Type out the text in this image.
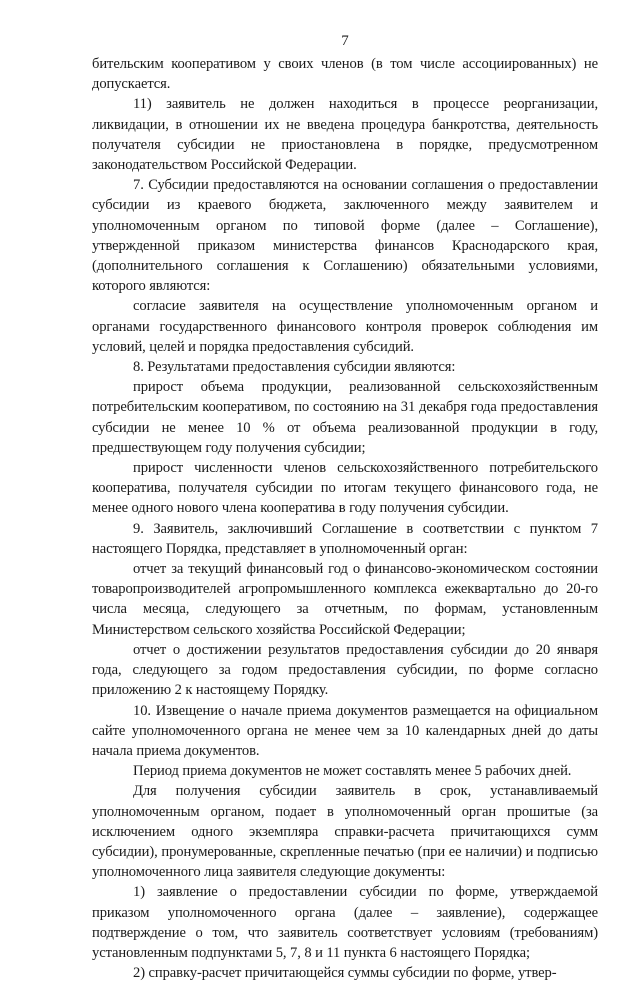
7

бительским кооперативом у своих членов (в том числе ассоциированных) не допускается.

11) заявитель не должен находиться в процессе реорганизации, ликвидации, в отношении их не введена процедура банкротства, деятельность получателя субсидии не приостановлена в порядке, предусмотренном законодательством Российской Федерации.

7. Субсидии предоставляются на основании соглашения о предоставлении субсидии из краевого бюджета, заключенного между заявителем и уполномоченным органом по типовой форме (далее – Соглашение), утвержденной приказом министерства финансов Краснодарского края, (дополнительного соглашения к Соглашению) обязательными условиями, которого являются:

согласие заявителя на осуществление уполномоченным органом и органами государственного финансового контроля проверок соблюдения им условий, целей и порядка предоставления субсидий.

8. Результатами предоставления субсидии являются:

прирост объема продукции, реализованной сельскохозяйственным потребительским кооперативом, по состоянию на 31 декабря года предоставления субсидии не менее 10 % от объема реализованной продукции в году, предшествующем году получения субсидии;

прирост численности членов сельскохозяйственного потребительского кооператива, получателя субсидии по итогам текущего финансового года, не менее одного нового члена кооператива в году получения субсидии.

9. Заявитель, заключивший Соглашение в соответствии с пунктом 7 настоящего Порядка, представляет в уполномоченный орган:

отчет за текущий финансовый год о финансово-экономическом состоянии товаропроизводителей агропромышленного комплекса ежеквартально до 20-го числа месяца, следующего за отчетным, по формам, установленным Министерством сельского хозяйства Российской Федерации;

отчет о достижении результатов предоставления субсидии до 20 января года, следующего за годом предоставления субсидии, по форме согласно приложению 2 к настоящему Порядку.

10. Извещение о начале приема документов размещается на официальном сайте уполномоченного органа не менее чем за 10 календарных дней до даты начала приема документов.

Период приема документов не может составлять менее 5 рабочих дней.

Для получения субсидии заявитель в срок, устанавливаемый уполномоченным органом, подает в уполномоченный орган прошитые (за исключением одного экземпляра справки-расчета причитающихся сумм субсидии), пронумерованные, скрепленные печатью (при ее наличии) и подписью уполномоченного лица заявителя следующие документы:

1) заявление о предоставлении субсидии по форме, утверждаемой приказом уполномоченного органа (далее – заявление), содержащее подтверждение о том, что заявитель соответствует условиям (требованиям) установленным подпунктами 5, 7, 8 и 11 пункта 6 настоящего Порядка;

2) справку-расчет причитающейся суммы субсидии по форме, утвер-
